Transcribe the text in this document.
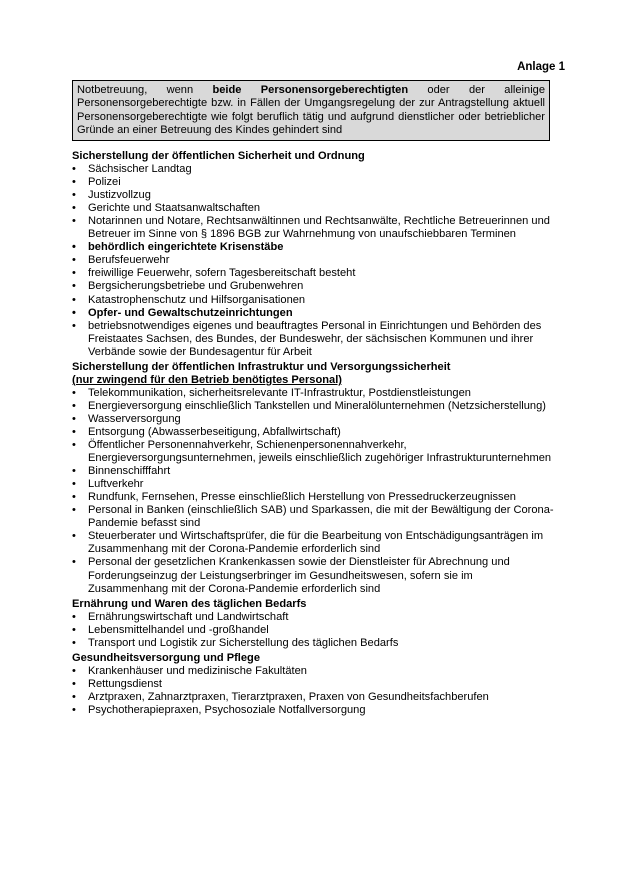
Anlage 1
Notbetreuung, wenn beide Personensorgeberechtigten oder der alleinige Personensorgeberechtigte bzw. in Fällen der Umgangsregelung der zur Antragstellung aktuell Personensorgeberechtigte wie folgt beruflich tätig und aufgrund dienstlicher oder betrieblicher Gründe an einer Betreuung des Kindes gehindert sind
Sicherstellung der öffentlichen Sicherheit und Ordnung
• Sächsischer Landtag
• Polizei
• Justizvollzug
• Gerichte und Staatsanwaltschaften
• Notarinnen und Notare, Rechtsanwältinnen und Rechtsanwälte, Rechtliche Betreuerinnen und Betreuer im Sinne von § 1896 BGB zur Wahrnehmung von unaufschiebbaren Terminen
• behördlich eingerichtete Krisenstäbe
• Berufsfeuerwehr
• freiwillige Feuerwehr, sofern Tagesbereitschaft besteht
• Bergsicherungsbetriebe und Grubenwehren
• Katastrophenschutz und Hilfsorganisationen
• Opfer- und Gewaltschutzeinrichtungen
• betriebsnotwendiges eigenes und beauftragtes Personal in Einrichtungen und Behörden des Freistaates Sachsen, des Bundes, der Bundeswehr, der sächsischen Kommunen und ihrer Verbände sowie der Bundesagentur für Arbeit
Sicherstellung der öffentlichen Infrastruktur und Versorgungssicherheit
(nur zwingend für den Betrieb benötigtes Personal)
• Telekommunikation, sicherheitsrelevante IT-Infrastruktur, Postdienstleistungen
• Energieversorgung einschließlich Tankstellen und Mineralölunternehmen (Netzsicherstellung)
• Wasserversorgung
• Entsorgung (Abwasserbeseitigung, Abfallwirtschaft)
• Öffentlicher Personennahverkehr, Schienenpersonennahverkehr, Energieversorgungsunternehmen, jeweils einschließlich zugehöriger Infrastrukturunternehmen
• Binnenschifffahrt
• Luftverkehr
• Rundfunk, Fernsehen, Presse einschließlich Herstellung von Pressedruckerzeugnissen
• Personal in Banken (einschließlich SAB) und Sparkassen, die mit der Bewältigung der Corona-Pandemie befasst sind
• Steuerberater und Wirtschaftsprüfer, die für die Bearbeitung von Entschädigungsanträgen im Zusammenhang mit der Corona-Pandemie erforderlich sind
• Personal der gesetzlichen Krankenkassen sowie der Dienstleister für Abrechnung und Forderungseinzug der Leistungserbringer im Gesundheitswesen, sofern sie im Zusammenhang mit der Corona-Pandemie erforderlich sind
Ernährung und Waren des täglichen Bedarfs
• Ernährungswirtschaft und Landwirtschaft
• Lebensmittelhandel und -großhandel
• Transport und Logistik zur Sicherstellung des täglichen Bedarfs
Gesundheitsversorgung und Pflege
• Krankenhäuser und medizinische Fakultäten
• Rettungsdienst
• Arztpraxen, Zahnarztpraxen, Tierarztpraxen, Praxen von Gesundheitsfachberufen
• Psychotherapiepraxen, Psychosoziale Notfallversorgung
